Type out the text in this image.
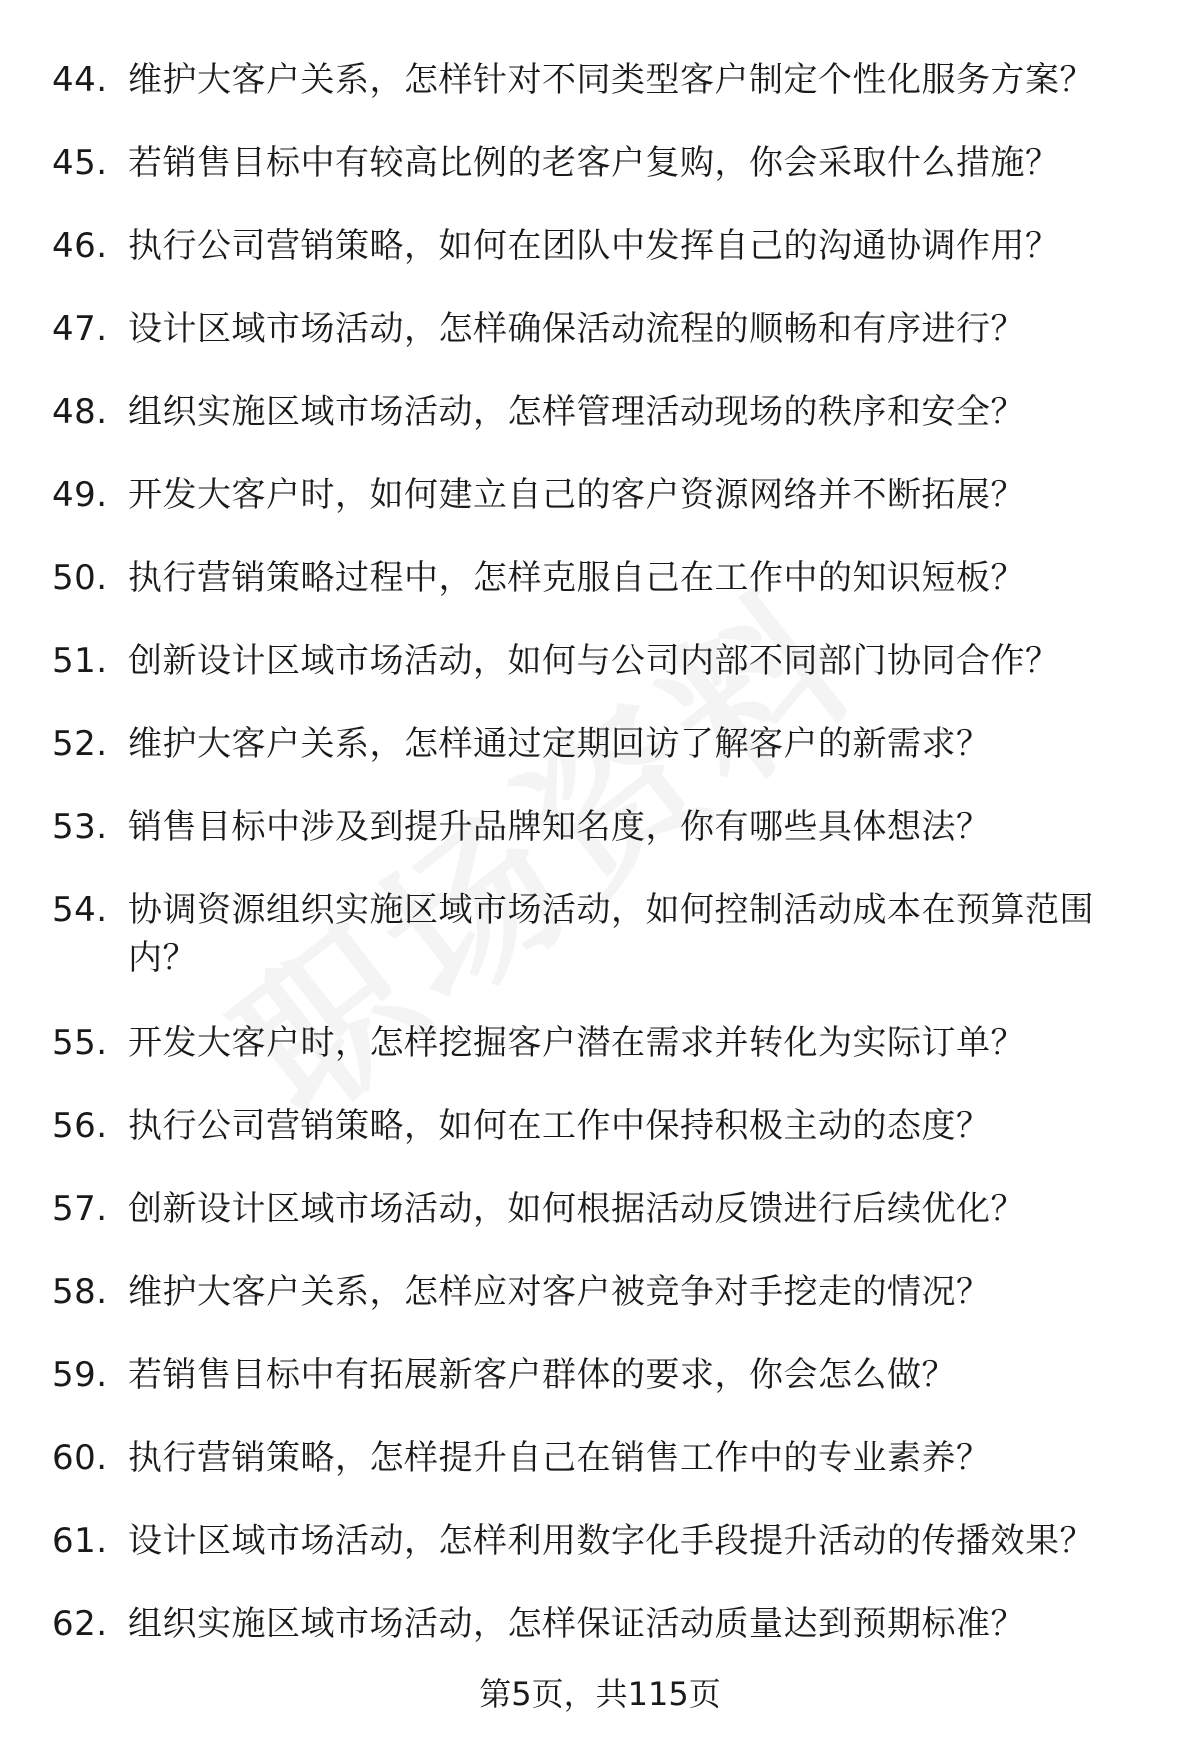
44. 维护大客户关系，怎样针对不同类型客户制定个性化服务方案？
45. 若销售目标中有较高比例的老客户复购，你会采取什么措施？
46. 执行公司营销策略，如何在团队中发挥自己的沟通协调作用？
47. 设计区域市场活动，怎样确保活动流程的顺畅和有序进行？
48. 组织实施区域市场活动，怎样管理活动现场的秩序和安全？
49. 开发大客户时，如何建立自己的客户资源网络并不断拓展？
50. 执行营销策略过程中，怎样克服自己在工作中的知识短板？
51. 创新设计区域市场活动，如何与公司内部不同部门协同合作？
52. 维护大客户关系，怎样通过定期回访了解客户的新需求？
53. 销售目标中涉及到提升品牌知名度，你有哪些具体想法？
54. 协调资源组织实施区域市场活动，如何控制活动成本在预算范围内？
55. 开发大客户时，怎样挖掘客户潜在需求并转化为实际订单？
56. 执行公司营销策略，如何在工作中保持积极主动的态度？
57. 创新设计区域市场活动，如何根据活动反馈进行后续优化？
58. 维护大客户关系，怎样应对客户被竞争对手挖走的情况？
59. 若销售目标中有拓展新客户群体的要求，你会怎么做？
60. 执行营销策略，怎样提升自己在销售工作中的专业素养？
61. 设计区域市场活动，怎样利用数字化手段提升活动的传播效果？
62. 组织实施区域市场活动，怎样保证活动质量达到预期标准？
第5页，共115页
